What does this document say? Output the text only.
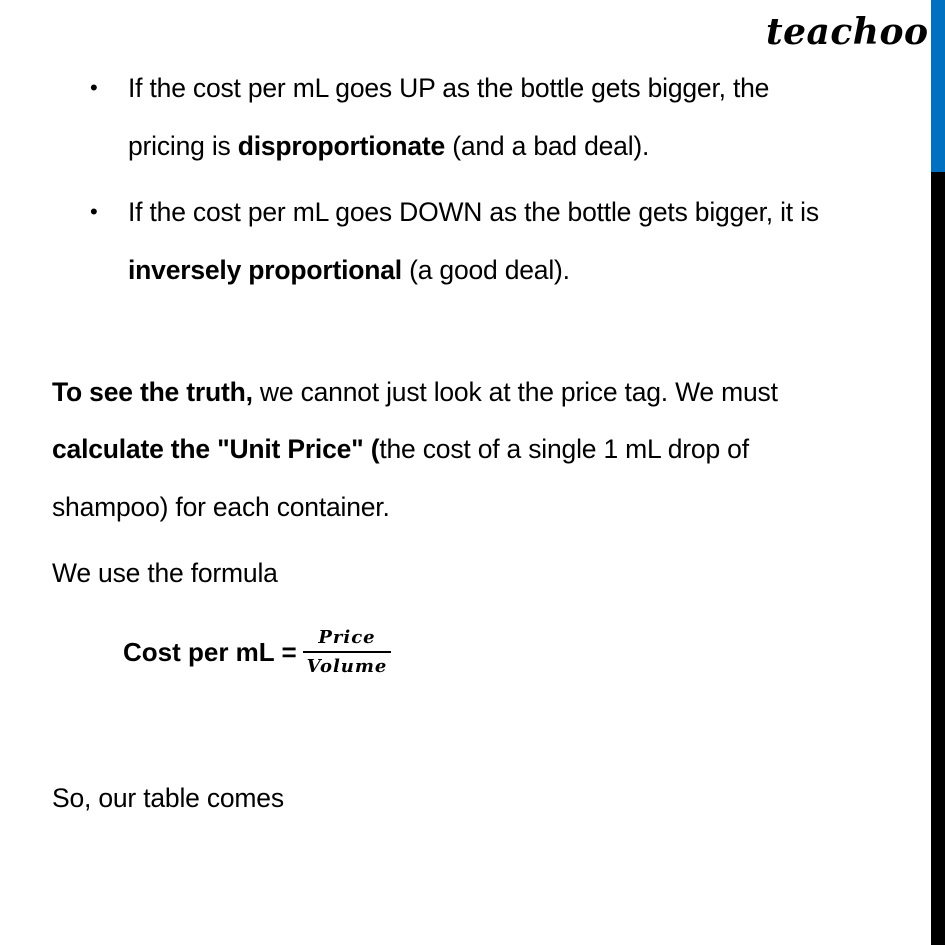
teachoo
• If the cost per mL goes UP as the bottle gets bigger, the
pricing is disproportionate (and a bad deal).
• If the cost per mL goes DOWN as the bottle gets bigger, it is
inversely proportional (a good deal).
To see the truth, we cannot just look at the price tag. We must
calculate the "Unit Price" (the cost of a single 1 mL drop of
shampoo) for each container.
We use the formula
Cost per mL = $\frac{\text{Price}}{\text{Volume}}$
So, our table comes
